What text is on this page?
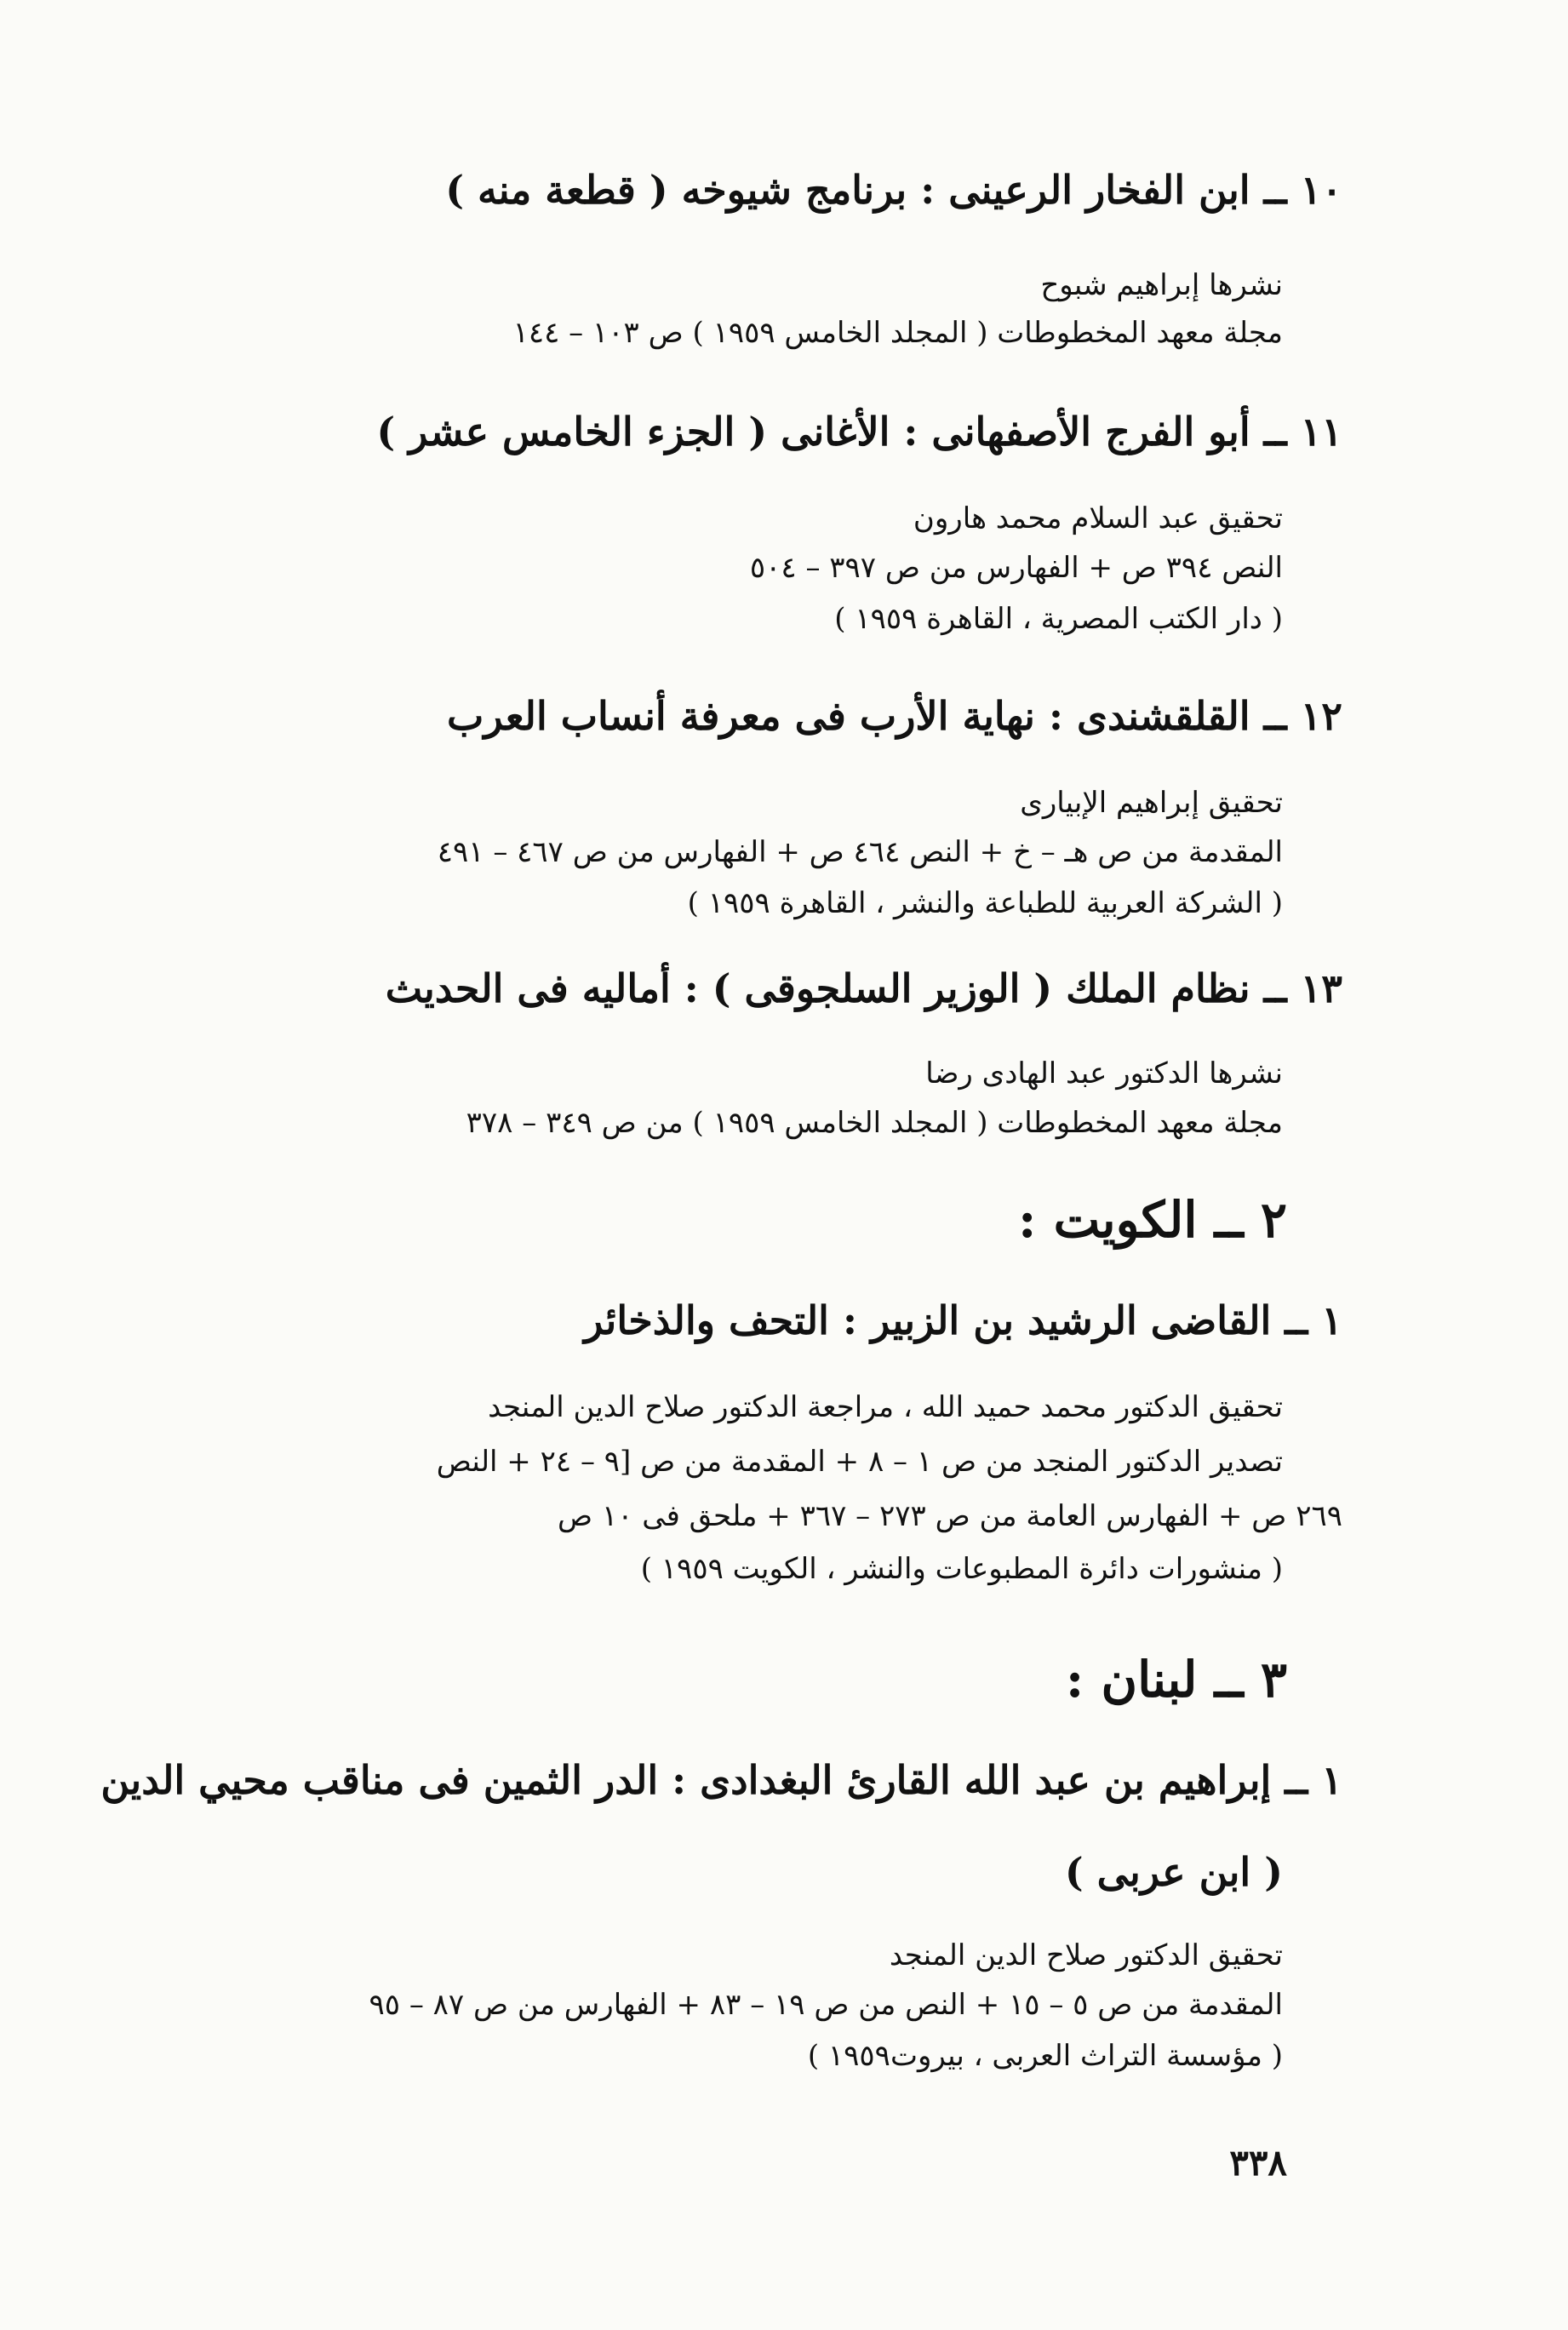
١٠ ــ ابن الفخار الرعينى : برنامج شيوخه ( قطعة منه )
نشرها إبراهيم شبوح
مجلة معهد المخطوطات ( المجلد الخامس ١٩٥٩ ) ص ١٠٣ – ١٤٤
١١ ــ أبو الفرج الأصفهانى : الأغانى ( الجزء الخامس عشر )
تحقيق عبد السلام محمد هارون
النص ٣٩٤ ص + الفهارس من ص ٣٩٧ – ٥٠٤
( دار الكتب المصرية ، القاهرة ١٩٥٩ )
١٢ ــ القلقشندى : نهاية الأرب فى معرفة أنساب العرب
تحقيق إبراهيم الإبيارى
المقدمة من ص هـ – خ + النص ٤٦٤ ص + الفهارس من ص ٤٦٧ – ٤٩١
( الشركة العربية للطباعة والنشر ، القاهرة ١٩٥٩ )
١٣ ــ نظام الملك ( الوزير السلجوقى ) : أماليه فى الحديث
نشرها الدكتور عبد الهادى رضا
مجلة معهد المخطوطات ( المجلد الخامس ١٩٥٩ ) من ص ٣٤٩ – ٣٧٨
٢ ــ الكويت :
١ ــ القاضى الرشيد بن الزبير : التحف والذخائر
تحقيق الدكتور محمد حميد الله ، مراجعة الدكتور صلاح الدين المنجد
تصدير الدكتور المنجد من ص ١ – ٨ + المقدمة من ص [٩ – ٢٤ + النص
٢٦٩ ص + الفهارس العامة من ص ٢٧٣ – ٣٦٧ + ملحق فى ١٠ ص
( منشورات دائرة المطبوعات والنشر ، الكويت ١٩٥٩ )
٣ ــ لبنان :
١ ــ إبراهيم بن عبد الله القارئ البغدادى : الدر الثمين فى مناقب محيي الدين
( ابن عربى )
تحقيق الدكتور صلاح الدين المنجد
المقدمة من ص ٥ – ١٥ + النص من ص ١٩ – ٨٣ + الفهارس من ص ٨٧ – ٩٥
( مؤسسة التراث العربى ، بيروت١٩٥٩ )
٣٣٨
